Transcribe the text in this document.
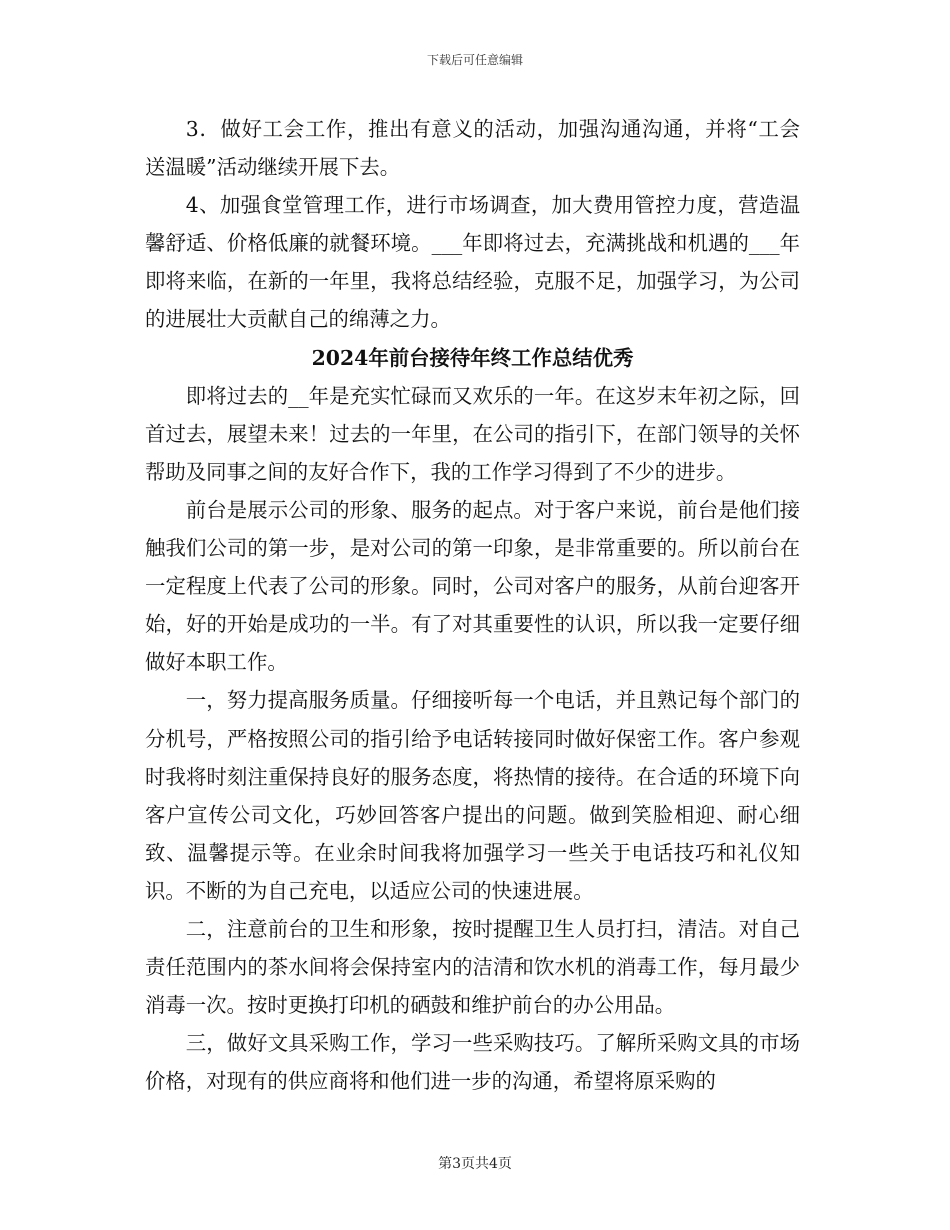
下载后可任意编辑

3．做好工会工作，推出有意义的活动，加强沟通沟通，并将“工会送温暖”活动继续开展下去。

4、加强食堂管理工作，进行市场调查，加大费用管控力度，营造温馨舒适、价格低廉的就餐环境。___年即将过去，充满挑战和机遇的___年即将来临，在新的一年里，我将总结经验，克服不足，加强学习，为公司的进展壮大贡献自己的绵薄之力。

2024年前台接待年终工作总结优秀

即将过去的__年是充实忙碌而又欢乐的一年。在这岁末年初之际，回首过去，展望未来！过去的一年里，在公司的指引下，在部门领导的关怀帮助及同事之间的友好合作下，我的工作学习得到了不少的进步。

前台是展示公司的形象、服务的起点。对于客户来说，前台是他们接触我们公司的第一步，是对公司的第一印象，是非常重要的。所以前台在一定程度上代表了公司的形象。同时，公司对客户的服务，从前台迎客开始，好的开始是成功的一半。有了对其重要性的认识，所以我一定要仔细做好本职工作。

一，努力提高服务质量。仔细接听每一个电话，并且熟记每个部门的分机号，严格按照公司的指引给予电话转接同时做好保密工作。客户参观时我将时刻注重保持良好的服务态度，将热情的接待。在合适的环境下向客户宣传公司文化，巧妙回答客户提出的问题。做到笑脸相迎、耐心细致、温馨提示等。在业余时间我将加强学习一些关于电话技巧和礼仪知识。不断的为自己充电，以适应公司的快速进展。

二，注意前台的卫生和形象，按时提醒卫生人员打扫，清洁。对自己责任范围内的茶水间将会保持室内的洁清和饮水机的消毒工作，每月最少消毒一次。按时更换打印机的硒鼓和维护前台的办公用品。

三，做好文具采购工作，学习一些采购技巧。了解所采购文具的市场价格，对现有的供应商将和他们进一步的沟通，希望将原采购的

第3页共4页
